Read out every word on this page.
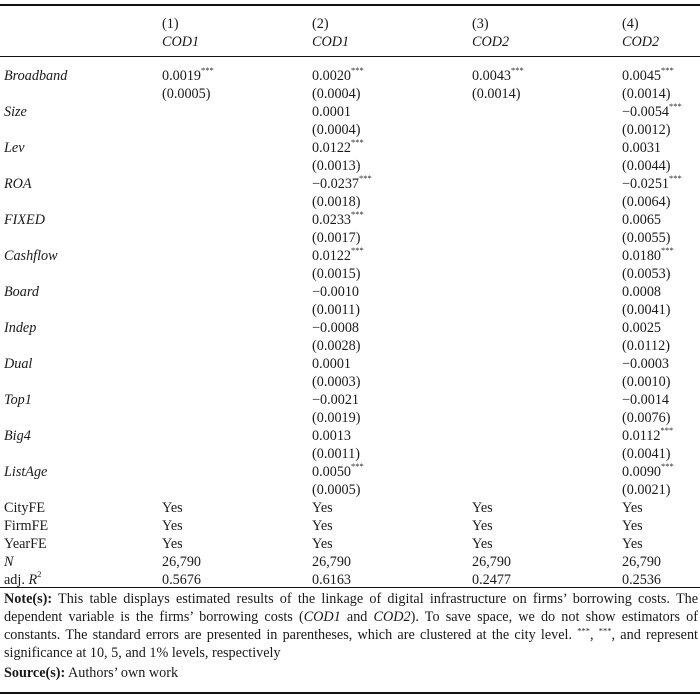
	(1)	(2)	(3)	(4)
	COD1	COD1	COD2	COD2

Broadband	0.0019***	0.0020***	0.0043***	0.0045***
	(0.0005)	(0.0004)	(0.0014)	(0.0014)
Size		0.0001		−0.0054***
		(0.0004)		(0.0012)
Lev		0.0122***		0.0031
		(0.0013)		(0.0044)
ROA		−0.0237***		−0.0251***
		(0.0018)		(0.0064)
FIXED		0.0233***		0.0065
		(0.0017)		(0.0055)
Cashflow		0.0122***		0.0180***
		(0.0015)		(0.0053)
Board		−0.0010		0.0008
		(0.0011)		(0.0041)
Indep		−0.0008		0.0025
		(0.0028)		(0.0112)
Dual		0.0001		−0.0003
		(0.0003)		(0.0010)
Top1		−0.0021		−0.0014
		(0.0019)		(0.0076)
Big4		0.0013		0.0112***
		(0.0011)		(0.0041)
ListAge		0.0050***		0.0090***
		(0.0005)		(0.0021)
CityFE	Yes	Yes	Yes	Yes
FirmFE	Yes	Yes	Yes	Yes
YearFE	Yes	Yes	Yes	Yes
N	26,790	26,790	26,790	26,790
adj. $R^2$	0.5676	0.6163	0.2477	0.2536
Note(s): This table displays estimated results of the linkage of digital infrastructure on firms’ borrowing costs. The dependent variable is the firms’ borrowing costs (COD1 and COD2). To save space, we do not show estimators of constants. The standard errors are presented in parentheses, which are clustered at the city level. ***, ***, and represent significance at 10, 5, and 1% levels, respectively
Source(s): Authors’ own work
